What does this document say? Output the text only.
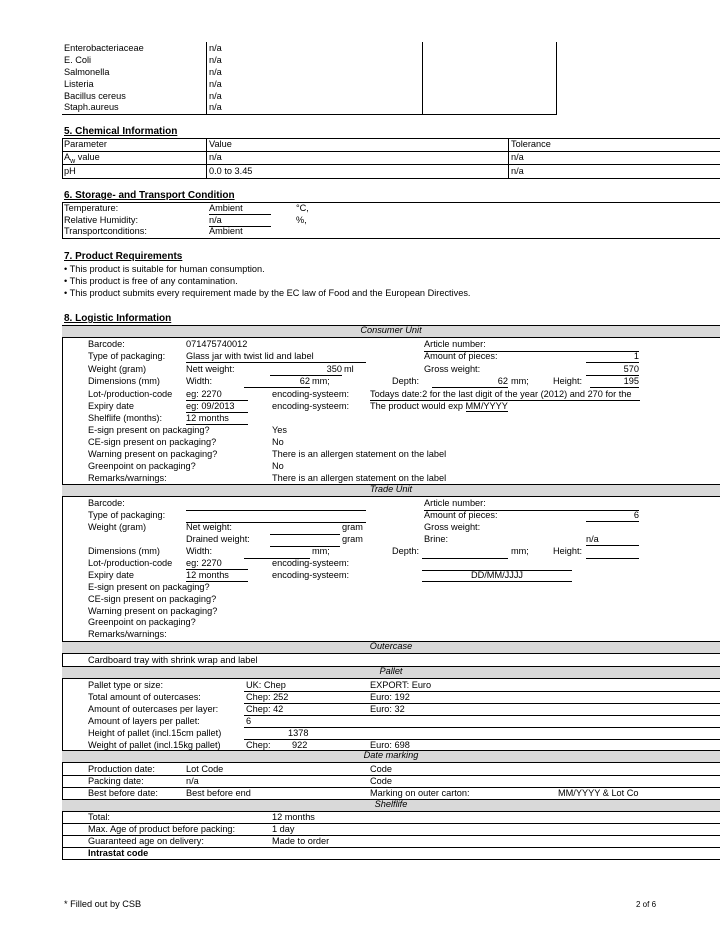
Enterobacteriaceae	n/a
E. Coli	n/a
Salmonella	n/a
Listeria	n/a
Bacillus cereus	n/a
Staph.aureus	n/a
5. Chemical Information
Parameter	Value	Tolerance
$A_w$ value	n/a	n/a
pH	0.0 to 3.45	n/a
6. Storage- and Transport Condition
Temperature:	Ambient	°C,
Relative Humidity:	n/a	%,
Transportconditions:	Ambient
7. Product Requirements
• This product is suitable for human consumption.
• This product is free of any contamination.
• This product submits every requirement made by the EC law of Food and the European Directives.
8. Logistic Information
Consumer Unit
Barcode:	071475740012	Article number:
Type of packaging: Glass jar with twist lid and label	Amount of pieces:	1
Weight (gram)	Nett weight:	350 ml	Gross weight:	570
Dimensions (mm)	Width:	62 mm;	Depth:	62 mm;	Height:	195
Lot-/production-code eg: 2270	encoding-systeem: Todays date:2 for the last digit of the year (2012) and 270 for the
Expiry date	eg: 09/2013	encoding-systeem: The product would exp MM/YYYY
Shelflife (months):	12 months
E-sign present on packaging?	Yes
CE-sign present on packaging?	No
Warning present on packaging?	There is an allergen statement on the label
Greenpoint on packaging?	No
Remarks/warnings:	There is an allergen statement on the label
Trade Unit
Barcode:	Article number:
Type of packaging:	Amount of pieces:	6
Weight (gram)	Net weight:	gram	Gross weight:
Drained weight:	gram	Brine:	n/a
Dimensions (mm)	Width:	mm;	Depth:	mm;	Height:
Lot-/production-code eg: 2270	encoding-systeem:
Expiry date	12 months	encoding-systeem:	DD/MM/JJJJ
E-sign present on packaging?
CE-sign present on packaging?
Warning present on packaging?
Greenpoint on packaging?
Remarks/warnings:
Outercase
Cardboard tray with shrink wrap and label
Pallet
Pallet type or size:	UK: Chep	EXPORT: Euro
Total amount of outercases:	Chep: 252	Euro: 192
Amount of outercases per layer:	Chep: 42	Euro: 32
Amount of layers per pallet:	6
Height of pallet (incl.15cm pallet)	1378
Weight of pallet (incl.15kg pallet)	Chep: 922	Euro: 698
Date marking
Production date:	Lot Code	Code
Packing date:	n/a	Code
Best before date:	Best before end	Marking on outer carton:	MM/YYYY & Lot Co
Shelflife
Total:	12 months
Max. Age of product before packing:	1 day
Guaranteed age on delivery:	Made to order
Intrastat code
* Filled out by CSB	2 of 6
